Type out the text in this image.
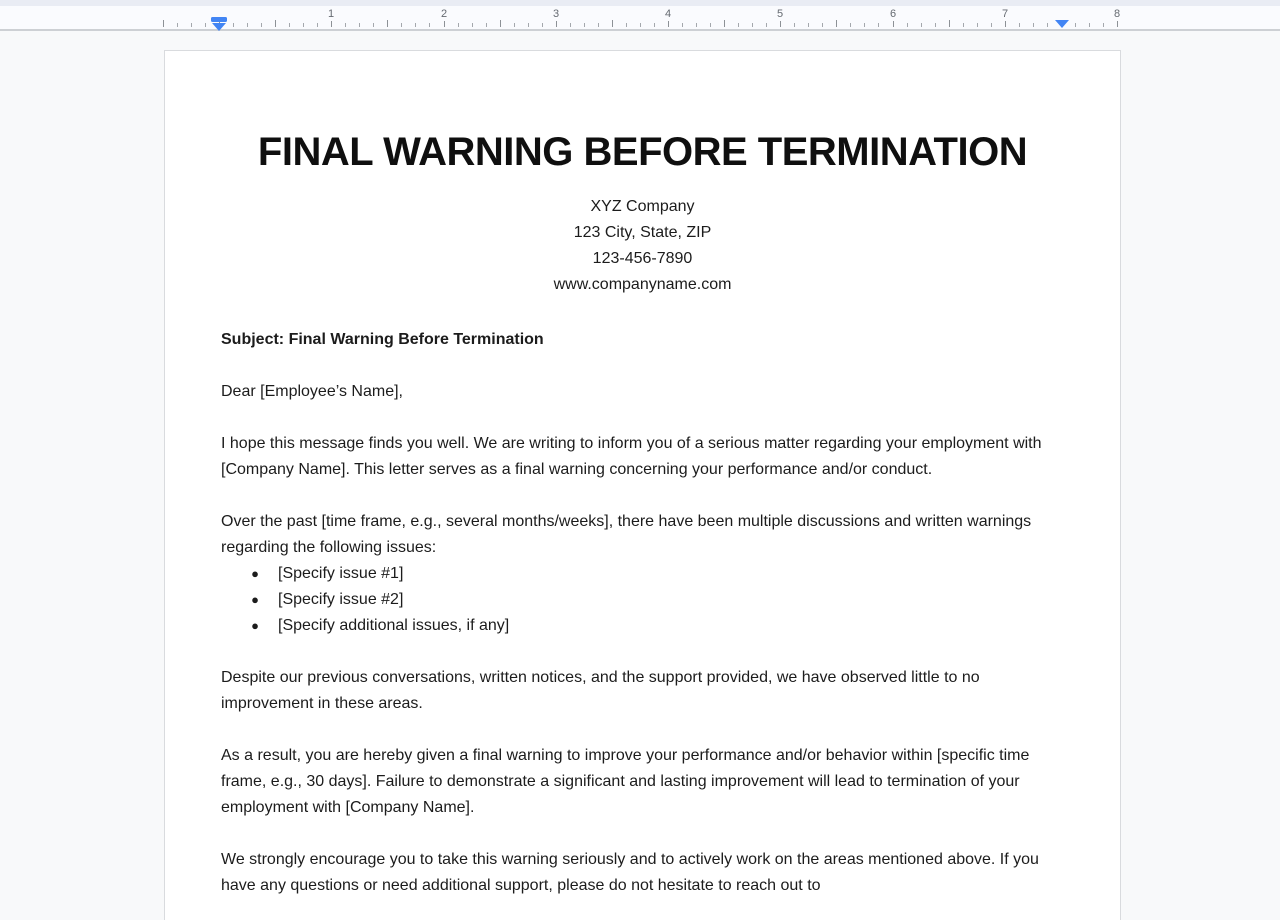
1	2	3	4	5	6	7	8
FINAL WARNING BEFORE TERMINATION
XYZ Company
123 City, State, ZIP
123-456-7890
www.companyname.com
Subject: Final Warning Before Termination
Dear [Employee’s Name],
I hope this message finds you well. We are writing to inform you of a serious matter regarding your employment with [Company Name]. This letter serves as a final warning concerning your performance and/or conduct.
Over the past [time frame, e.g., several months/weeks], there have been multiple discussions and written warnings regarding the following issues:
● [Specify issue #1]
● [Specify issue #2]
● [Specify additional issues, if any]
Despite our previous conversations, written notices, and the support provided, we have observed little to no improvement in these areas.
As a result, you are hereby given a final warning to improve your performance and/or behavior within [specific time frame, e.g., 30 days]. Failure to demonstrate a significant and lasting improvement will lead to termination of your employment with [Company Name].
We strongly encourage you to take this warning seriously and to actively work on the areas mentioned above. If you have any questions or need additional support, please do not hesitate to reach out to
